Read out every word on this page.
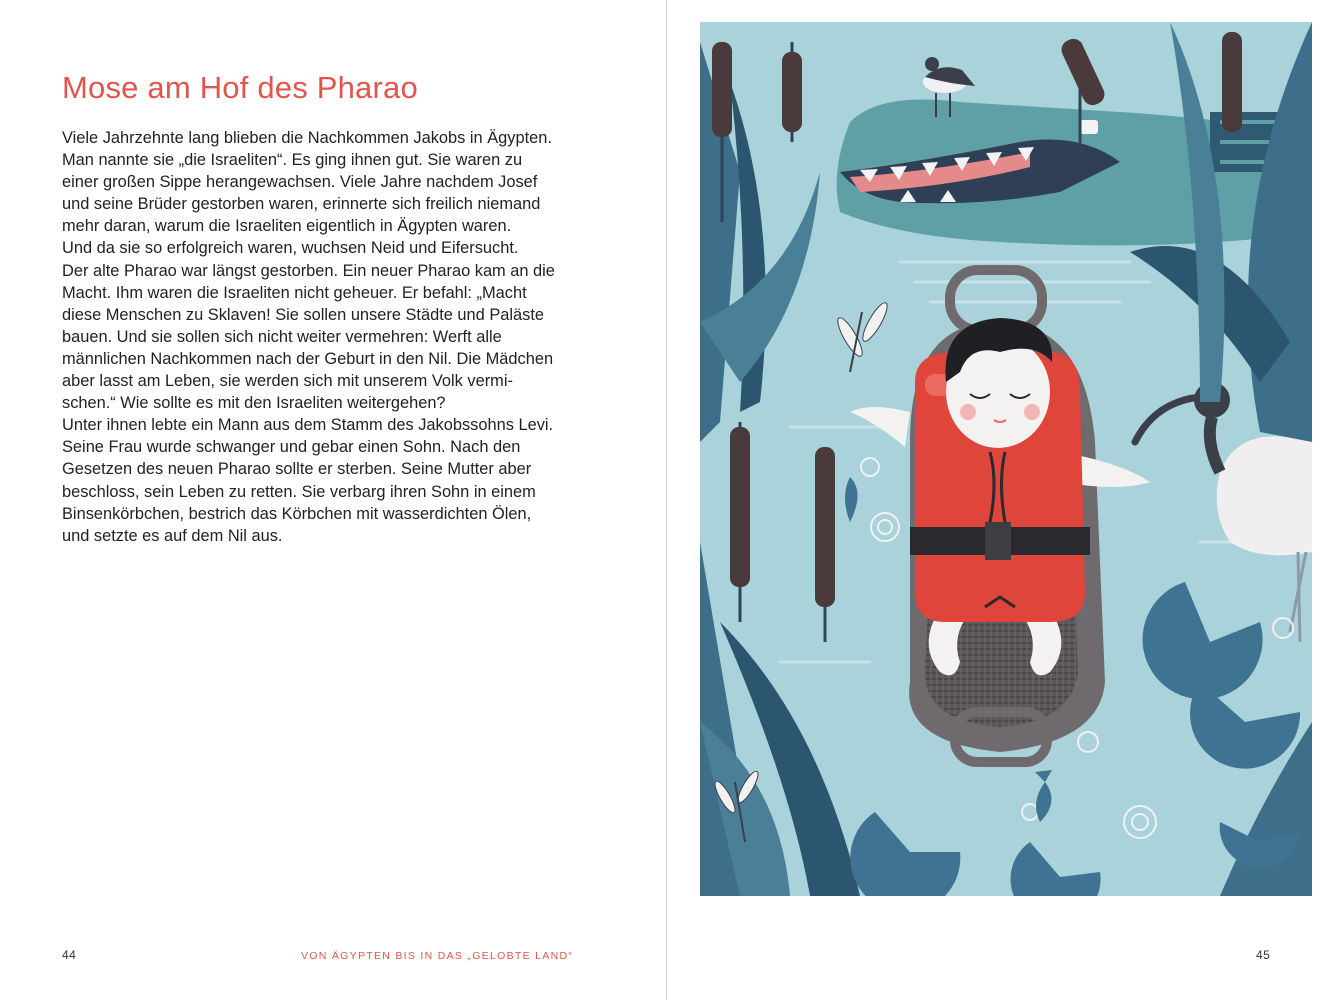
Mose am Hof des Pharao
Viele Jahrzehnte lang blieben die Nachkommen Jakobs in Ägypten.
Man nannte sie „die Israeliten“. Es ging ihnen gut. Sie waren zu
einer großen Sippe herangewachsen. Viele Jahre nachdem Josef
und seine Brüder gestorben waren, erinnerte sich freilich niemand
mehr daran, warum die Israeliten eigentlich in Ägypten waren.
Und da sie so erfolgreich waren, wuchsen Neid und Eifersucht.
Der alte Pharao war längst gestorben. Ein neuer Pharao kam an die
Macht. Ihm waren die Israeliten nicht geheuer. Er befahl: „Macht
diese Menschen zu Sklaven! Sie sollen unsere Städte und Paläste
bauen. Und sie sollen sich nicht weiter vermehren: Werft alle
männlichen Nachkommen nach der Geburt in den Nil. Die Mädchen
aber lasst am Leben, sie werden sich mit unserem Volk vermi-
schen.“ Wie sollte es mit den Israeliten weitergehen?
Unter ihnen lebte ein Mann aus dem Stamm des Jakobssohns Levi.
Seine Frau wurde schwanger und gebar einen Sohn. Nach den
Gesetzen des neuen Pharao sollte er sterben. Seine Mutter aber
beschloss, sein Leben zu retten. Sie verbarg ihren Sohn in einem
Binsenkörbchen, bestrich das Körbchen mit wasserdichten Ölen,
und setzte es auf dem Nil aus.
44	VON ÄGYPTEN BIS IN DAS „GELOBTE LAND“	45
